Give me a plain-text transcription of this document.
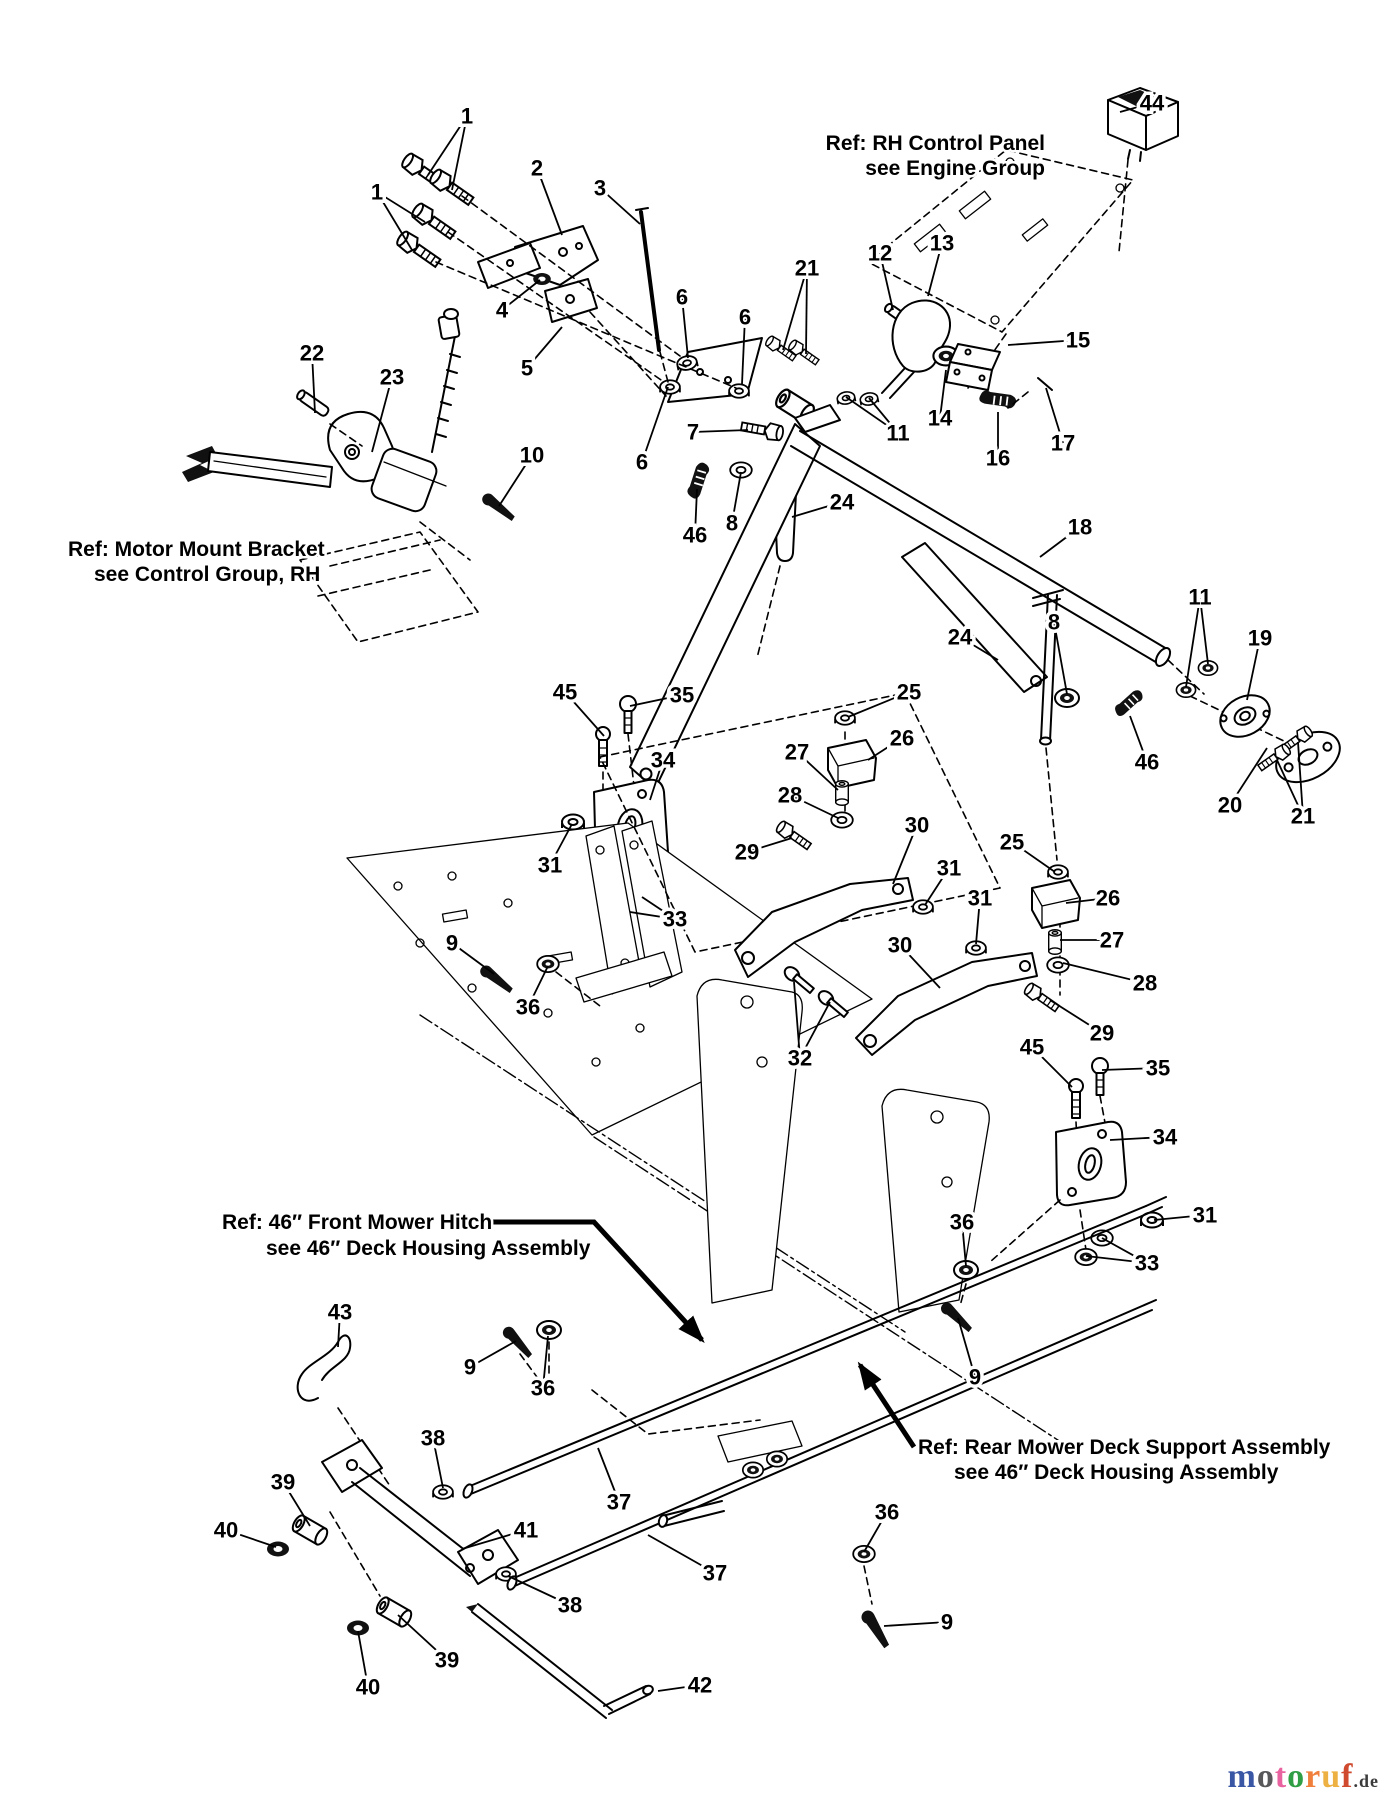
Ref: RH Control Panel
see Engine Group
Ref: Motor Mount Bracket
see Control Group, RH
Ref: 46″ Front Mower Hitch
see 46″ Deck Housing Assembly
Ref: Rear Mower Deck Support Assembly
see 46″ Deck Housing Assembly
1
1
2
3
4
5
6
6
6
7
8
8
9
9	9
9
10
11
11
12 13
14
15
16
17
18
19
20
21
21
22
23
24
24
25
25
26
26
27
27
28
28
29
29
30
30
31	31
31
31
32
33
33
34
34
35
35
36
36
36
36
37
37
38
38
39
39
40
40
41
42
43
44
45
45
46
46
motoruf.de
